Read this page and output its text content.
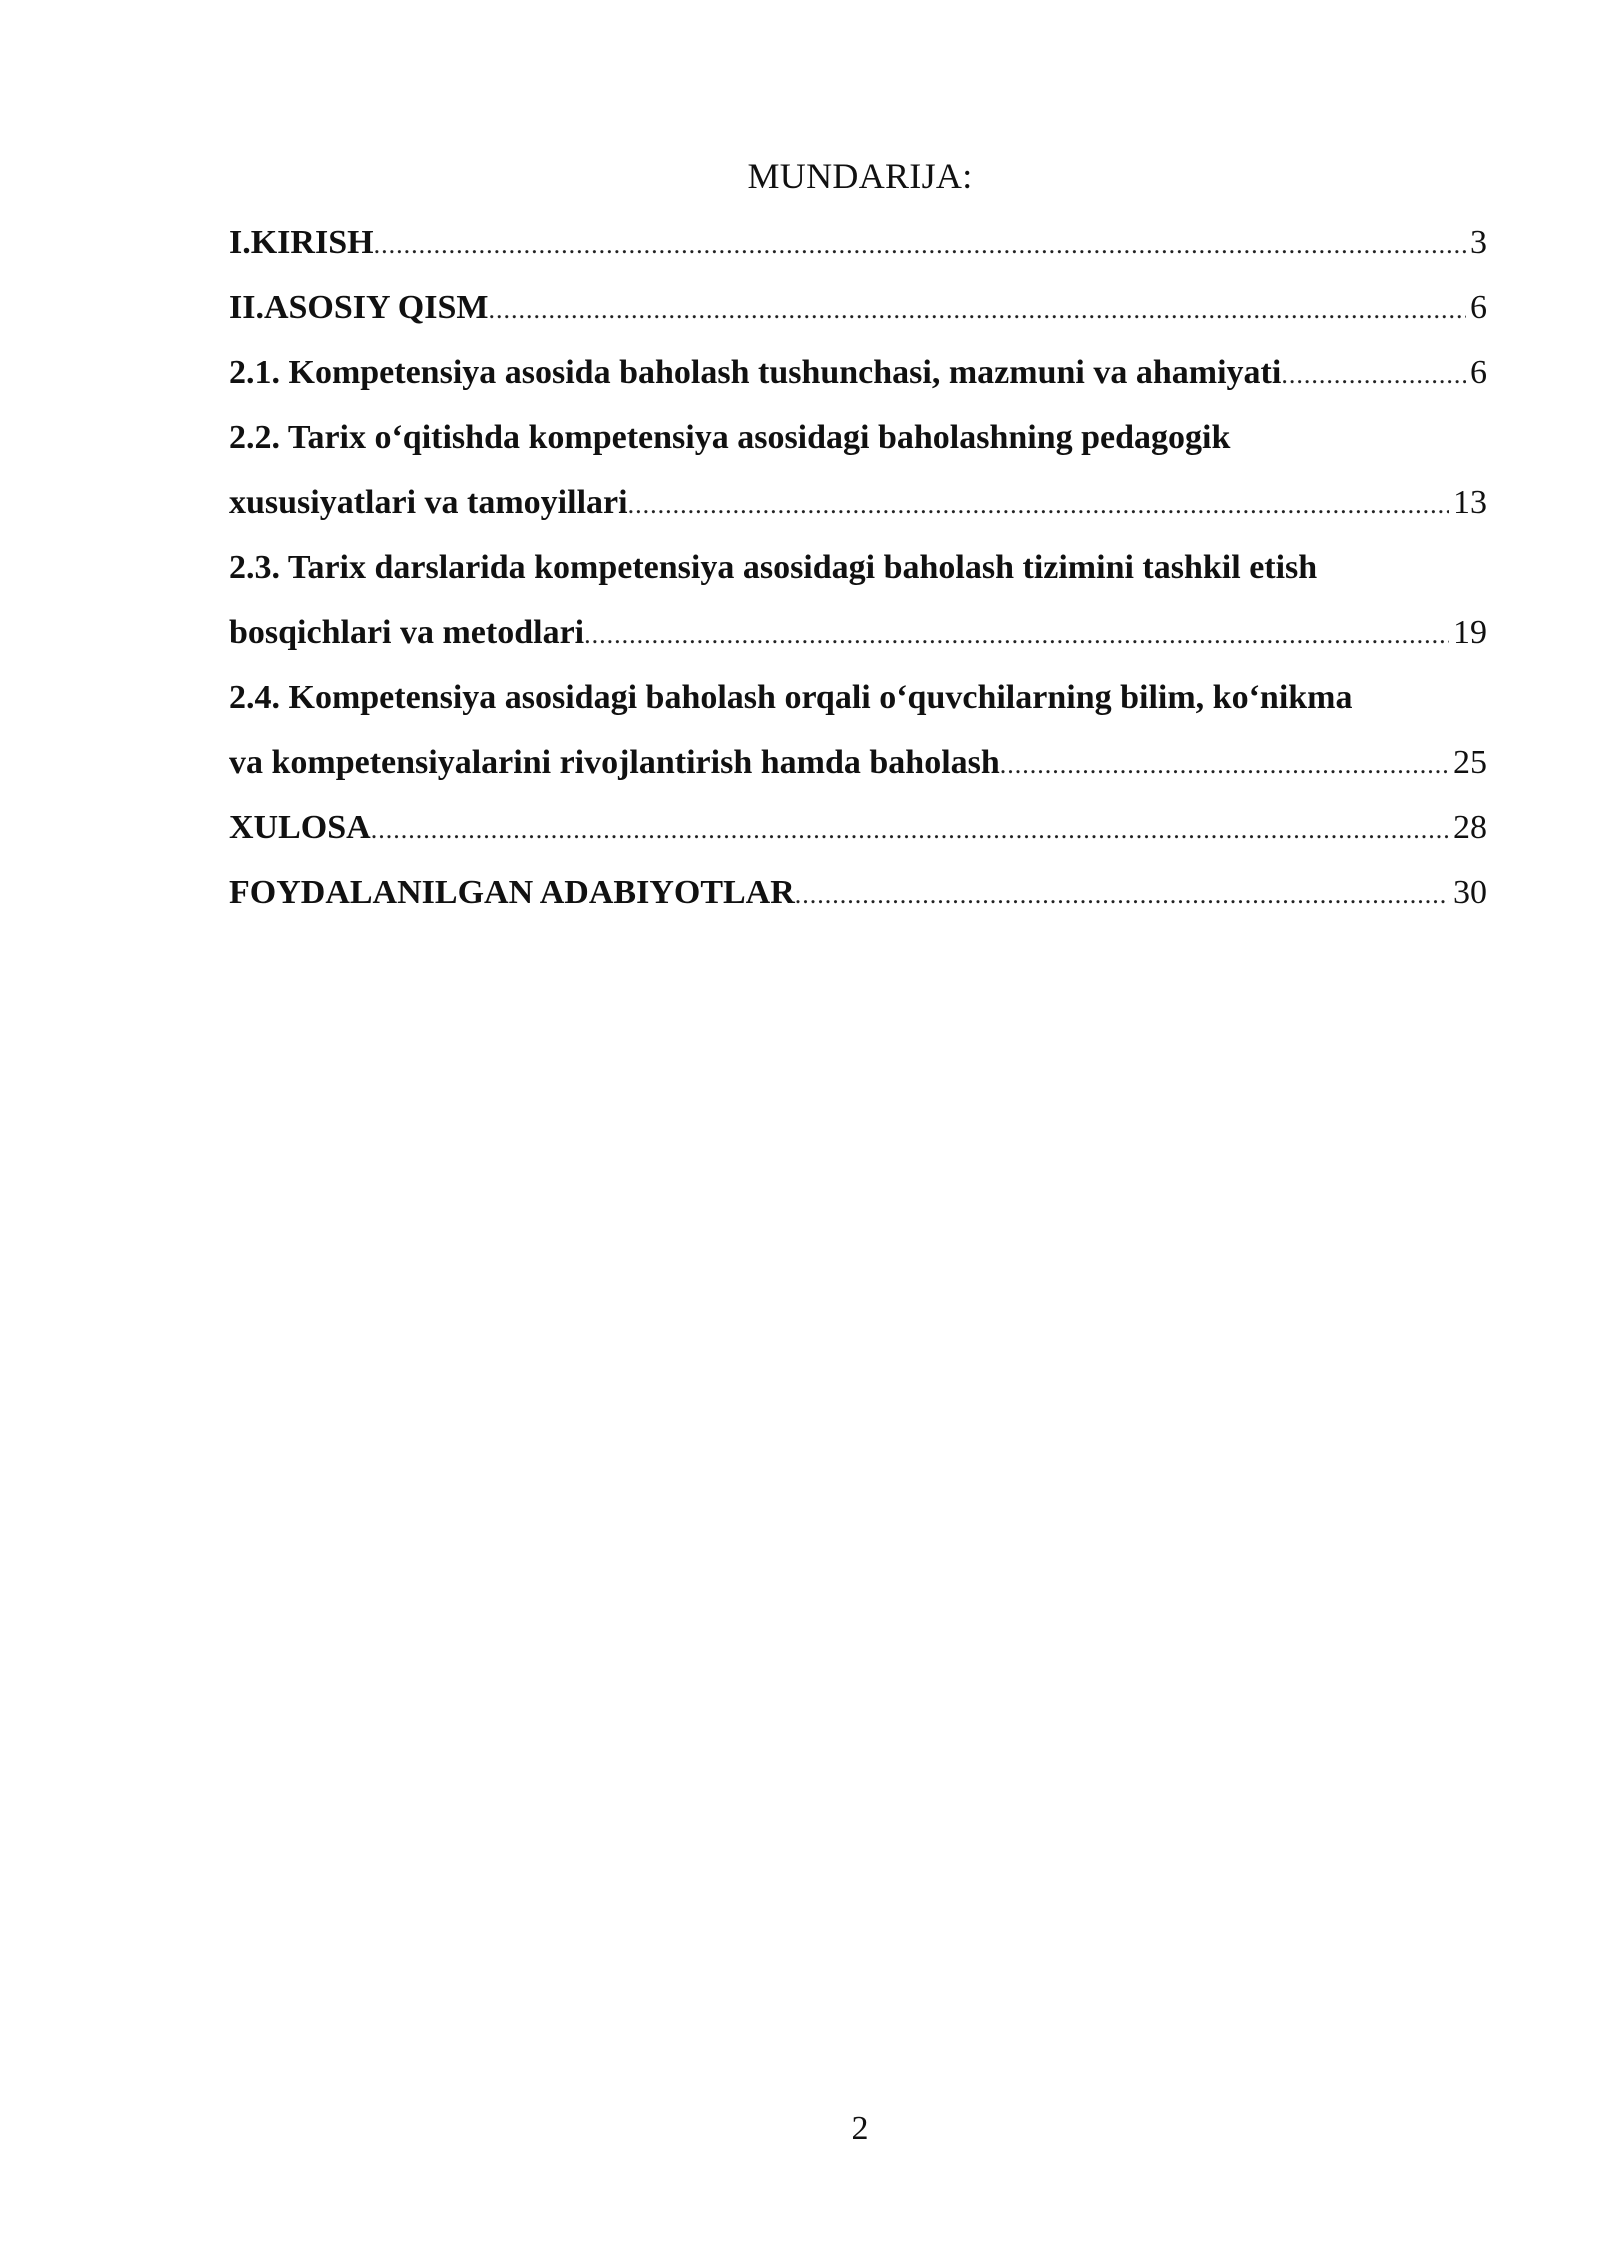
MUNDARIJA:
I.KIRISH .....	3
II.ASOSIY QISM .....	6
2.1. Kompetensiya asosida baholash tushunchasi, mazmuni va ahamiyati .....	6
2.2. Tarix o‘qitishda kompetensiya asosidagi baholashning pedagogik
xususiyatlari va tamoyillari .....	13
2.3. Tarix darslarida kompetensiya asosidagi baholash tizimini tashkil etish
bosqichlari va metodlari .....	19
2.4. Kompetensiya asosidagi baholash orqali o‘quvchilarning bilim, ko‘nikma
va kompetensiyalarini rivojlantirish hamda baholash .....	25
XULOSA .....	28
FOYDALANILGAN ADABIYOTLAR .....	30
2
